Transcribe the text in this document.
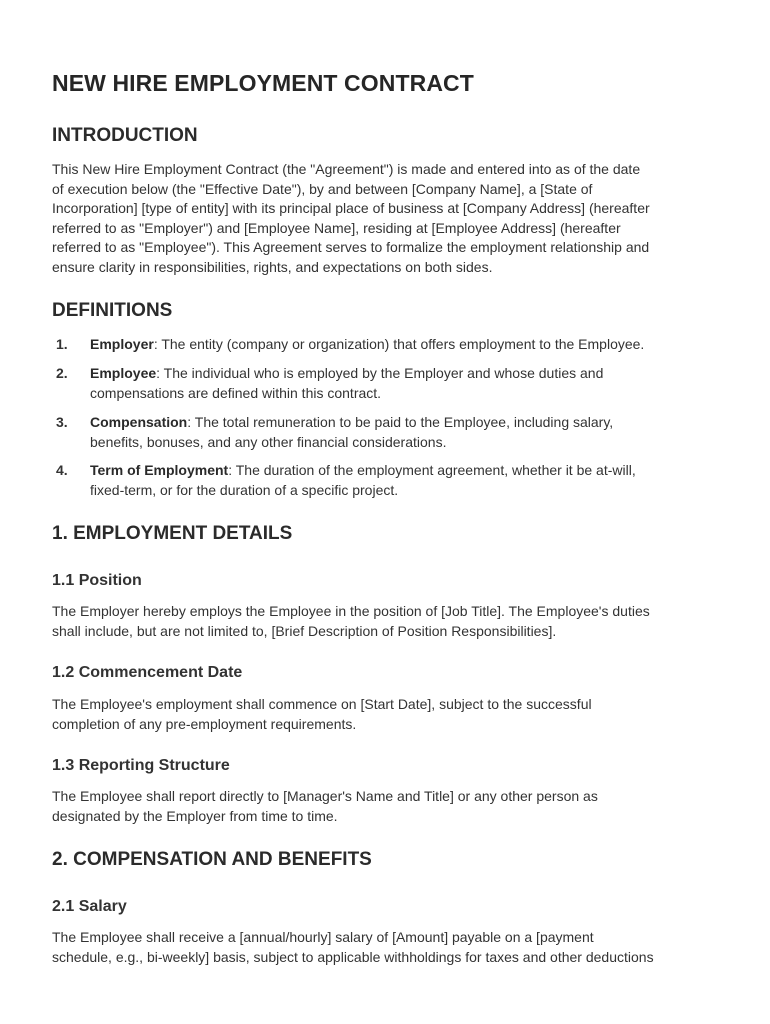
NEW HIRE EMPLOYMENT CONTRACT
INTRODUCTION

This New Hire Employment Contract (the "Agreement") is made and entered into as of the date
of execution below (the "Effective Date"), by and between [Company Name], a [State of
Incorporation] [type of entity] with its principal place of business at [Company Address] (hereafter
referred to as "Employer") and [Employee Name], residing at [Employee Address] (hereafter
referred to as "Employee"). This Agreement serves to formalize the employment relationship and
ensure clarity in responsibilities, rights, and expectations on both sides.

DEFINITIONS
1. Employer: The entity (company or organization) that offers employment to the Employee.
2. Employee: The individual who is employed by the Employer and whose duties and
compensations are defined within this contract.
3. Compensation: The total remuneration to be paid to the Employee, including salary,
benefits, bonuses, and any other financial considerations.
4. Term of Employment: The duration of the employment agreement, whether it be at-will,
fixed-term, or for the duration of a specific project.
1. EMPLOYMENT DETAILS
1.1 Position

The Employer hereby employs the Employee in the position of [Job Title]. The Employee's duties
shall include, but are not limited to, [Brief Description of Position Responsibilities].

1.2 Commencement Date

The Employee's employment shall commence on [Start Date], subject to the successful
completion of any pre-employment requirements.

1.3 Reporting Structure

The Employee shall report directly to [Manager's Name and Title] or any other person as
designated by the Employer from time to time.

2. COMPENSATION AND BENEFITS
2.1 Salary

The Employee shall receive a [annual/hourly] salary of [Amount] payable on a [payment
schedule, e.g., bi-weekly] basis, subject to applicable withholdings for taxes and other deductions
